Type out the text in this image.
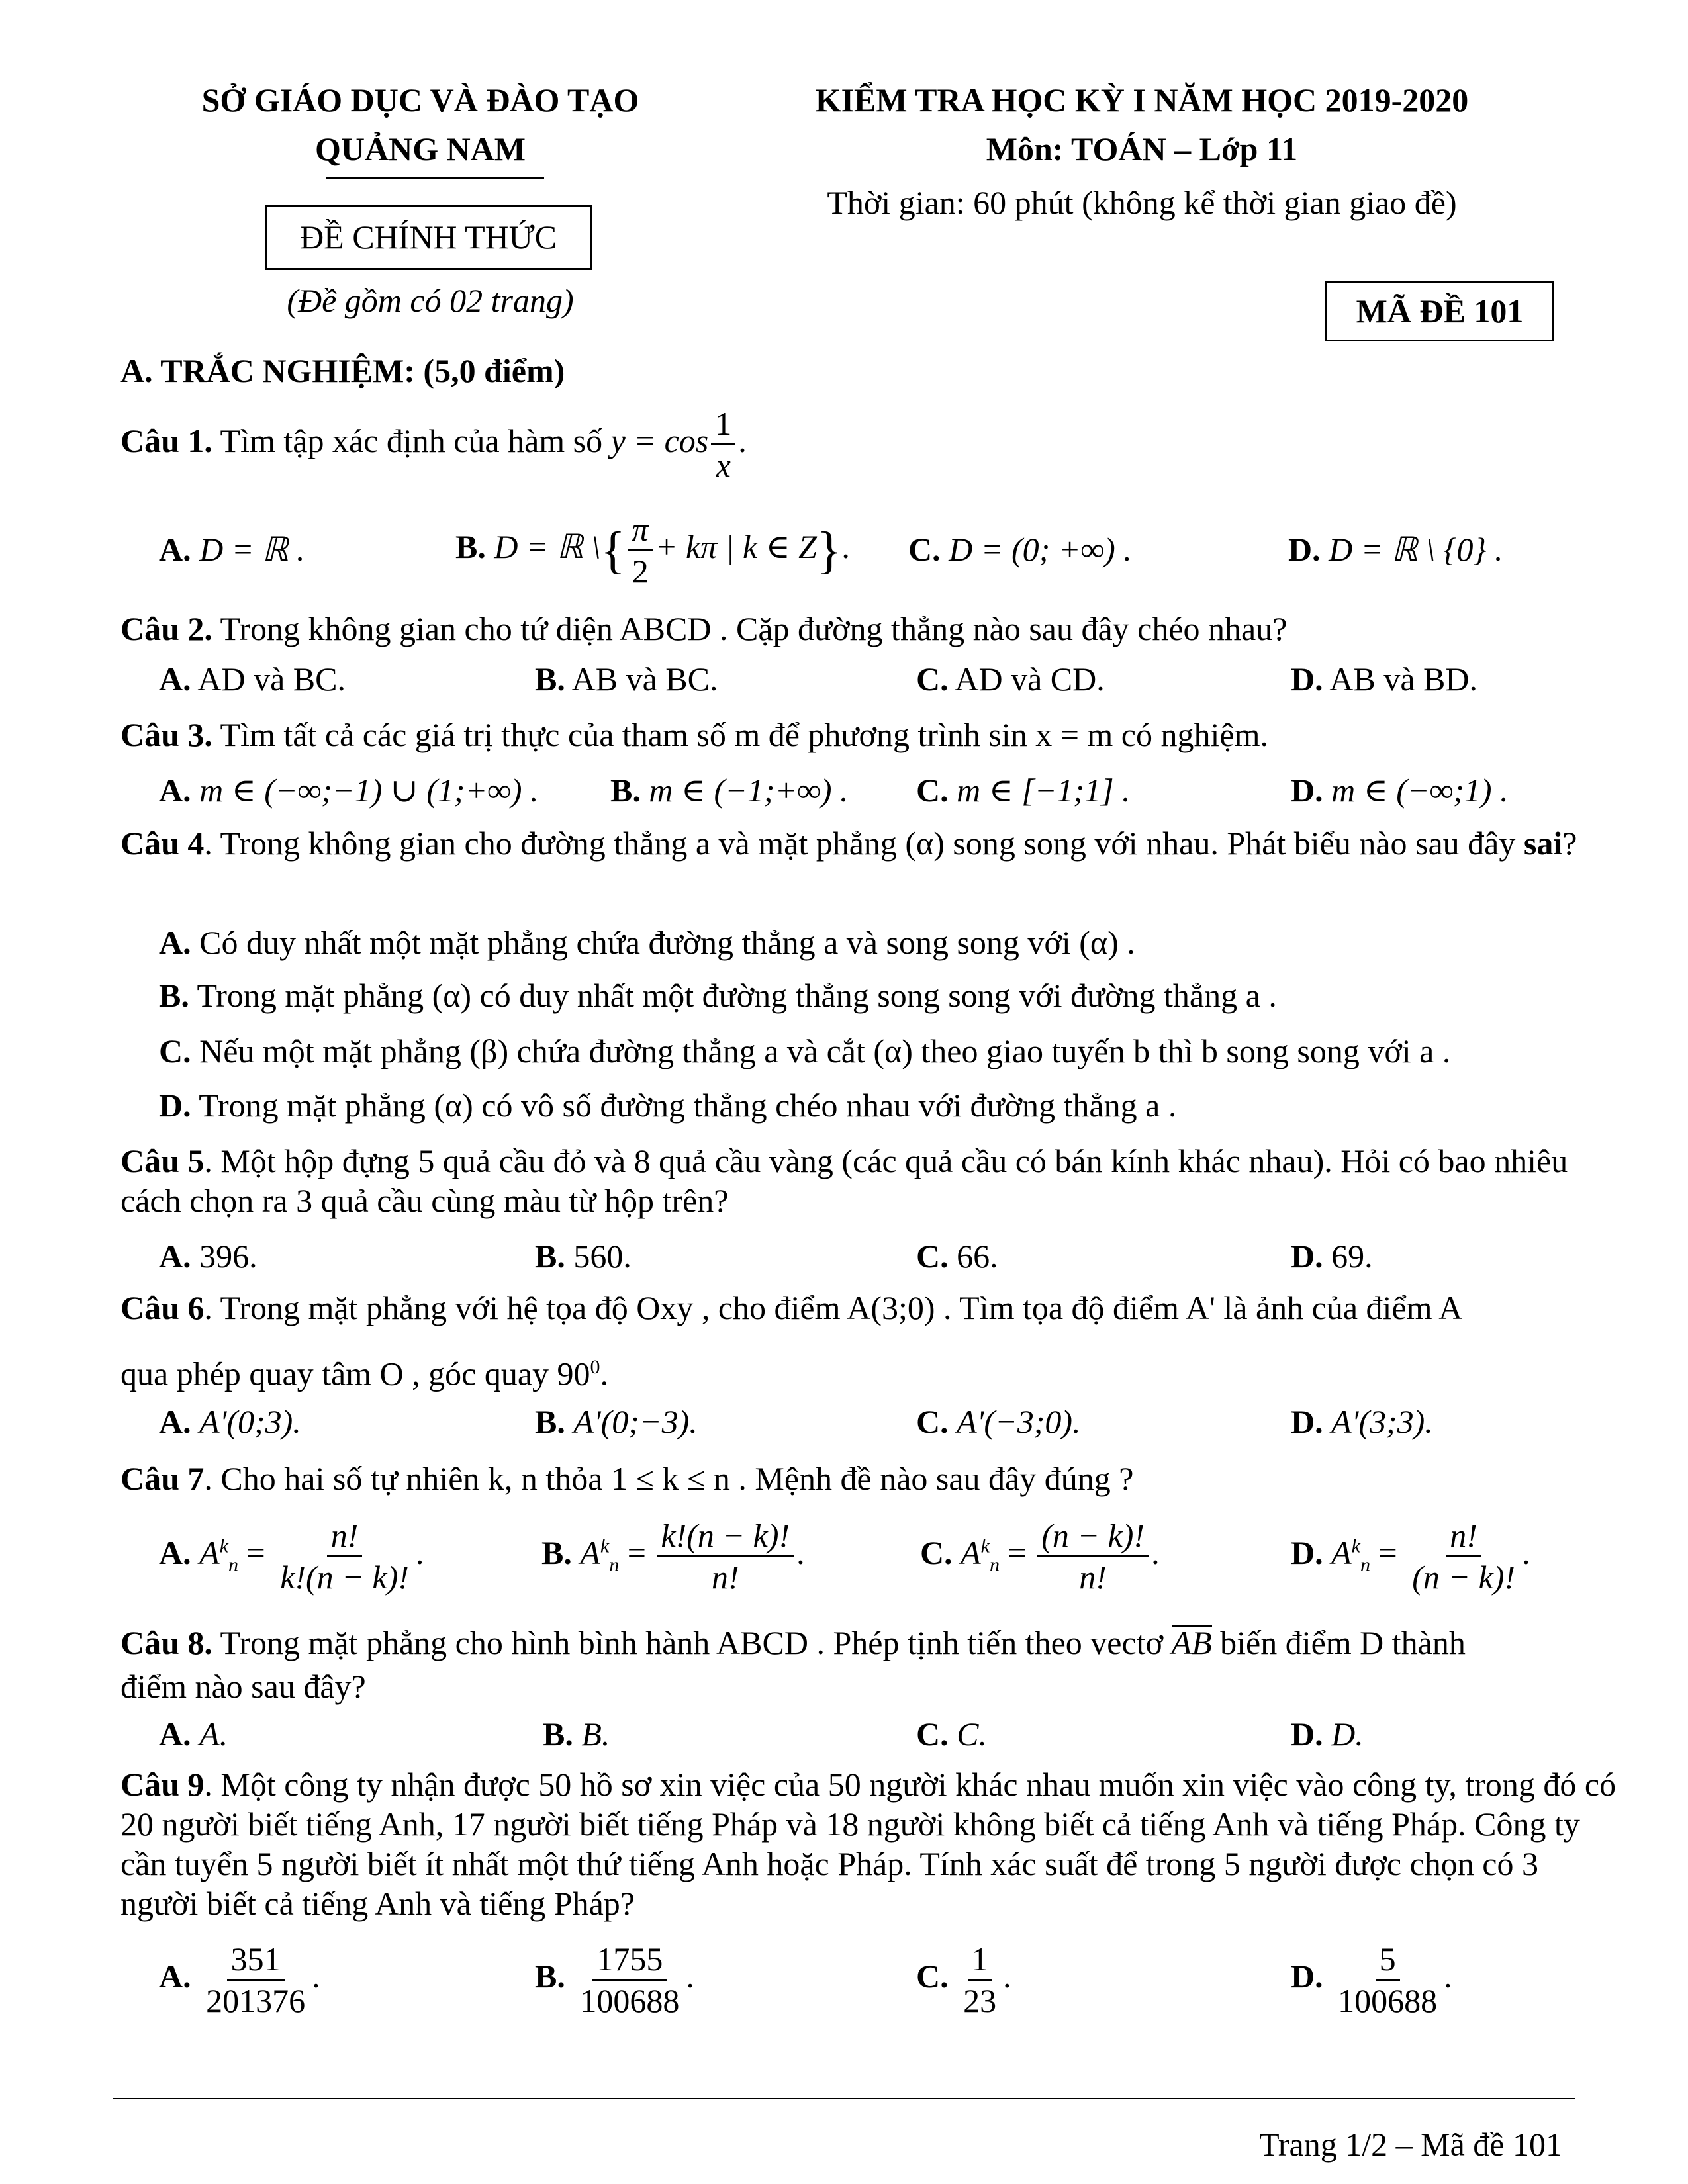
SỞ GIÁO DỤC VÀ ĐÀO TẠO
QUẢNG NAM
ĐỀ CHÍNH THỨC
(Đề gồm có 02 trang)
KIỂM TRA HỌC KỲ I NĂM HỌC 2019-2020
Môn: TOÁN – Lớp 11
Thời gian: 60 phút (không kể thời gian giao đề)
MÃ ĐỀ 101
A. TRẮC NGHIỆM: (5,0 điểm)
Câu 1. Tìm tập xác định của hàm số $y = \cos \frac{1}{x}$ .
A. D = ℝ .	B. D = ℝ \{ $\frac{\pi}{2} + k\pi$ | k ∈ Z}. C. D = (0; +∞) .	D. D = ℝ \ {0} .
Câu 2. Trong không gian cho tứ diện ABCD . Cặp đường thẳng nào sau đây chéo nhau?
A. AD và BC.	B. AB và BC.	C. AD và CD.	D. AB và BD.
Câu 3. Tìm tất cả các giá trị thực của tham số m để phương trình sin x = m có nghiệm.
A. m ∈ (−∞;−1) ∪ (1;+∞) . B. m ∈ (−1;+∞) . C. m ∈ [−1;1] .	D. m ∈ (−∞;1) .
Câu 4. Trong không gian cho đường thẳng a và mặt phẳng (α) song song với nhau. Phát biểu nào sau đây sai?
A. Có duy nhất một mặt phẳng chứa đường thẳng a và song song với (α) .
B. Trong mặt phẳng (α) có duy nhất một đường thẳng song song với đường thẳng a .
C. Nếu một mặt phẳng (β) chứa đường thẳng a và cắt (α) theo giao tuyến b thì b song song với a .
D. Trong mặt phẳng (α) có vô số đường thẳng chéo nhau với đường thẳng a .
Câu 5. Một hộp đựng 5 quả cầu đỏ và 8 quả cầu vàng (các quả cầu có bán kính khác nhau). Hỏi có bao nhiêu cách chọn ra 3 quả cầu cùng màu từ hộp trên?
A. 396.	B. 560.	C. 66.	D. 69.
Câu 6. Trong mặt phẳng với hệ tọa độ Oxy , cho điểm A(3;0) . Tìm tọa độ điểm A' là ảnh của điểm A
qua phép quay tâm O , góc quay $90^0$.
A. A'(0;3).	B. A'(0;−3).	C. A'(−3;0).	D. A'(3;3).
Câu 7. Cho hai số tự nhiên k, n thỏa 1 ≤ k ≤ n . Mệnh đề nào sau đây đúng ?
A. $A^k_n = \frac{n!}{k!(n - k)!}$ .	B. $A^k_n = \frac{k!(n - k)!}{n!}$ .	C. $A^k_n = \frac{(n - k)!}{n!}$ .	D. $A^k_n = \frac{n!}{(n - k)!}$ .
Câu 8. Trong mặt phẳng cho hình bình hành ABCD . Phép tịnh tiến theo vectơ AB biến điểm D thành
điểm nào sau đây?
A. A.	B. B.	C. C.	D. D.
Câu 9. Một công ty nhận được 50 hồ sơ xin việc của 50 người khác nhau muốn xin việc vào công ty, trong đó có 20 người biết tiếng Anh, 17 người biết tiếng Pháp và 18 người không biết cả tiếng Anh và tiếng Pháp. Công ty cần tuyển 5 người biết ít nhất một thứ tiếng Anh hoặc Pháp. Tính xác suất để trong 5 người được chọn có 3 người biết cả tiếng Anh và tiếng Pháp?
A. $\frac{351}{201376}$ .	B. $\frac{1755}{100688}$ .	C. $\frac{1}{23}$ .	D. $\frac{5}{100688}$ .
Trang 1/2 – Mã đề 101
